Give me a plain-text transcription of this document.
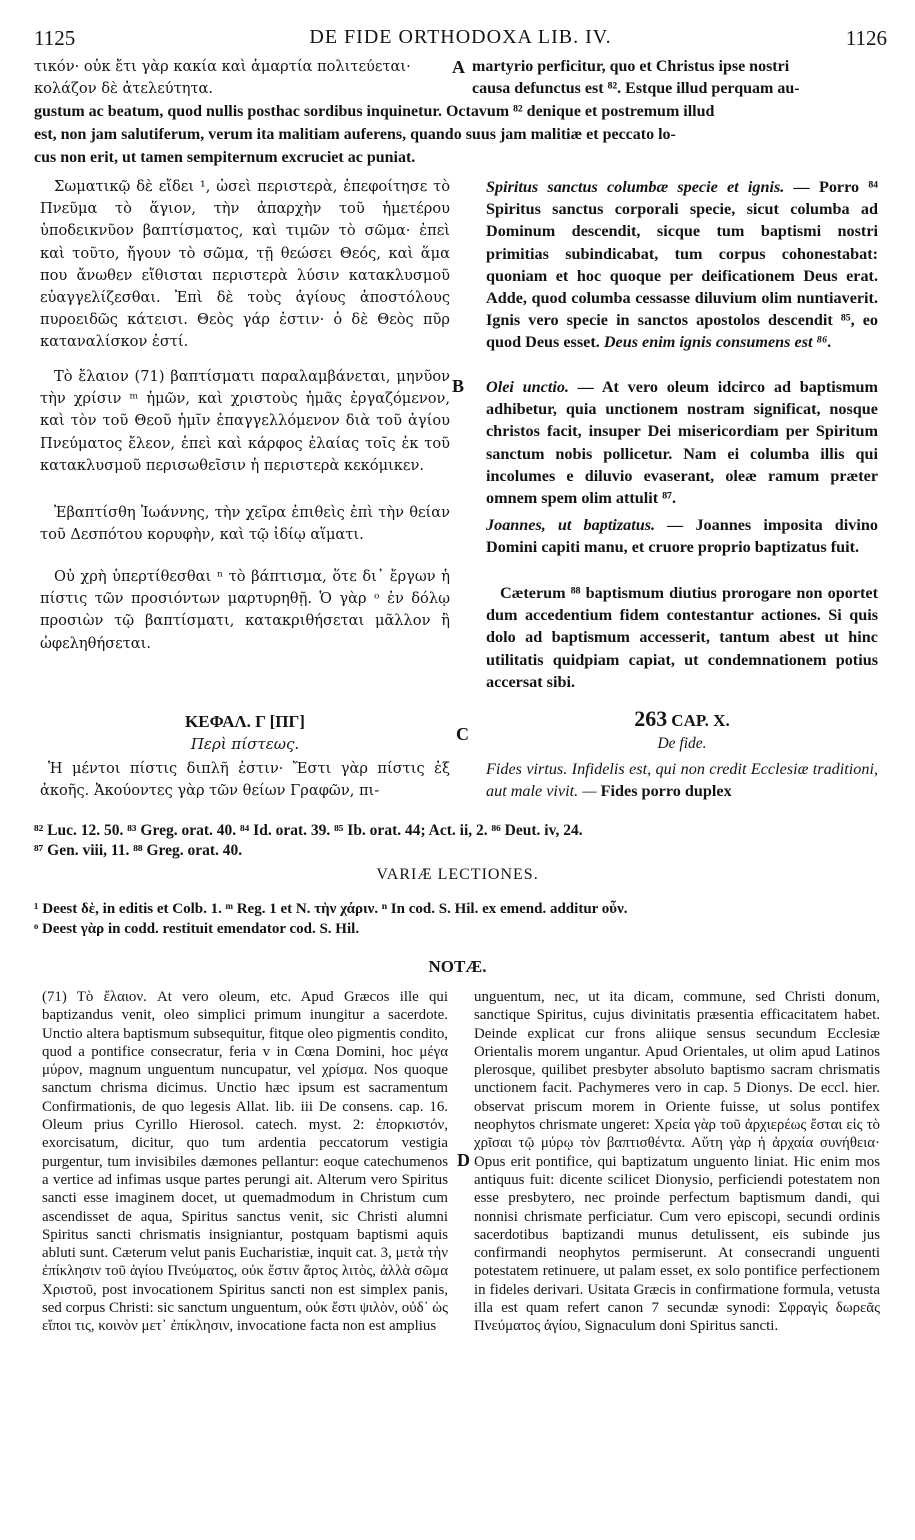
1125	DE FIDE ORTHODOXA LIB. IV.	1126
τικόν· οὐκ ἔτι γὰρ κακία καὶ ἁμαρτία πολιτεύεται· A martyrio perficitur, quo et Christus ipse nostri
κολάζον δὲ ἀτελεύτητα.	causa defunctus est ⁸². Estque illud perquam au-
gustum ac beatum, quod nullis posthac sordibus inquinetur. Octavum ⁸² denique et postremum illud
est, non jam salutiferum, verum ita malitiam auferens, quando suus jam malitiæ et peccato lo-
cus non erit, ut tamen sempiternum excruciet ac puniat.

Σωματικῷ δὲ εἴδει ¹, ὡσεὶ περιστερὰ, ἐπεφοίτησε τὸ Πνεῦμα τὸ ἅγιον, τὴν ἀπαρχὴν τοῦ ἡμετέρου ὑποδεικνῦον βαπτίσματος, καὶ τιμῶν τὸ σῶμα· ἐπεὶ καὶ τοῦτο, ἤγουν τὸ σῶμα, τῇ θεώσει Θεός, καὶ ἅμα που ἄνωθεν εἴθισται περιστερὰ λύσιν κατακλυσμοῦ εὐαγγελίζεσθαι. Ἐπὶ δὲ τοὺς ἁγίους ἀποστόλους πυροειδῶς κάτεισι. Θεὸς γάρ ἐστιν· ὁ δὲ Θεὸς πῦρ καταναλίσκον ἐστί.

Τὸ ἔλαιον (71) βαπτίσματι παραλαμβάνεται, μηνῦον τὴν χρίσιν ᵐ ἡμῶν, καὶ χριστοὺς ἡμᾶς ἐργαζόμενον, καὶ τὸν τοῦ Θεοῦ ἡμῖν ἐπαγγελλόμενον διὰ τοῦ ἁγίου Πνεύματος ἔλεον, ἐπεὶ καὶ κάρφος ἐλαίας τοῖς ἐκ τοῦ κατακλυσμοῦ περισωθεῖσιν ἡ περιστερὰ κεκόμικεν.

Ἐβαπτίσθη Ἰωάννης, τὴν χεῖρα ἐπιθεὶς ἐπὶ τὴν θείαν τοῦ Δεσπότου κορυφὴν, καὶ τῷ ἰδίῳ αἵματι.

Οὐ χρὴ ὑπερτίθεσθαι ⁿ τὸ βάπτισμα, ὅτε δι᾽ ἔργων ἡ πίστις τῶν προσιόντων μαρτυρηθῇ. Ὁ γὰρ ᵒ ἐν δόλῳ προσιὼν τῷ βαπτίσματι, κατακριθήσεται μᾶλλον ἢ ὠφεληθήσεται.

B
ΚΕΦΑΛ. Γ [ΠΓ]
Περὶ πίστεως.	C

Ἡ μέντοι πίστις διπλῆ ἐστιν· Ἔστι γὰρ πίστις ἐξ ἀκοῆς. Ἀκούοντες γὰρ τῶν θείων Γραφῶν, πι-

Spiritus sanctus columbæ specie et ignis. — Porro ⁸⁴ Spiritus sanctus corporali specie, sicut columba ad Dominum descendit, sicque tum baptismi nostri primitias subindicabat, tum corpus cohonestabat: quoniam et hoc quoque per deificationem Deus erat. Adde, quod columba cessasse diluvium olim nuntiaverit. Ignis vero specie in sanctos apostolos descendit ⁸⁵, eo quod Deus esset. Deus enim ignis consumens est ⁸⁶.

Olei unctio. — At vero oleum idcirco ad baptismum adhibetur, quia unctionem nostram significat, nosque christos facit, insuper Dei misericordiam per Spiritum sanctum nobis pollicetur. Nam ei columba illis qui incolumes e diluvio evaserant, oleæ ramum præter omnem spem olim attulit ⁸⁷.

Joannes, ut baptizatus. — Joannes imposita divino Domini capiti manu, et cruore proprio baptizatus fuit.

Cæterum ⁸⁸ baptismum diutius prorogare non oportet dum accedentium fidem contestantur actiones. Si quis dolo ad baptismum accesserit, tantum abest ut hinc utilitatis quidpiam capiat, ut condemnationem potius accersat sibi.

263 CAP. X.
De fide.

Fides virtus. Infidelis est, qui non credit Ecclesiæ traditioni, aut male vivit. — Fides porro duplex

⁸² Luc. 12. 50. ⁸³ Greg. orat. 40. ⁸⁴ Id. orat. 39. ⁸⁵ Ib. orat. 44; Act. ii, 2. ⁸⁶ Deut. iv, 24.
⁸⁷ Gen. viii, 11. ⁸⁸ Greg. orat. 40.
VARIÆ LECTIONES.
¹ Deest δὲ, in editis et Colb. 1. ᵐ Reg. 1 et N. τὴν χάριν. ⁿ In cod. S. Hil. ex emend. additur οὖν.
ᵒ Deest γὰρ in codd. restituit emendator cod. S. Hil.
NOTÆ.
(71) Τὸ ἔλαιον. At vero oleum, etc. Apud Græcos ille qui baptizandus venit, oleo simplici primum inungitur a sacerdote. Unctio altera baptismum subsequitur, fitque oleo pigmentis condito, quod a pontifice consecratur, feria v in Cœna Domini, hoc μέγα μύρον, magnum unguentum nuncupatur, vel χρίσμα. Nos quoque sanctum chrisma dicimus. Unctio hæc ipsum est sacramentum Confirmationis, de quo legesis Allat. lib. iii De consens. cap. 16. Oleum prius Cyrillo Hierosol. catech. myst. 2: ἐπορκιστόν, exorcisatum, dicitur, quo tum ardentia peccatorum vestigia purgentur, tum invisibiles dæmones pellantur: eoque catechumenos a vertice ad infimas usque partes perungi ait. Alterum vero Spiritus sancti esse imaginem docet, ut quemadmodum in Christum cum ascendisset de aqua, Spiritus sanctus venit, sic Christi alumni Spiritus sancti chrismatis insigniantur, postquam baptismi aquis abluti sunt. Cæterum velut panis Eucharistiæ, inquit cat. 3, μετὰ τὴν ἐπίκλησιν τοῦ ἁγίου Πνεύματος, οὐκ ἔστιν ἄρτος λιτὸς, ἀλλὰ σῶμα Χριστοῦ, post invocationem Spiritus sancti non est simplex panis, sed corpus Christi: sic sanctum unguentum, οὐκ ἔστι ψιλὸν, οὐδ᾽ ὡς εἴποι τις, κοινὸν μετ᾽ ἐπίκλησιν, invocatione facta non est amplius
D
unguentum, nec, ut ita dicam, commune, sed Christi donum, sanctique Spiritus, cujus divinitatis præsentia efficacitatem habet. Deinde explicat cur frons aliique sensus secundum Ecclesiæ Orientalis morem ungantur. Apud Orientales, ut olim apud Latinos plerosque, quilibet presbyter absoluto baptismo sacram chrismatis unctionem facit. Pachymeres vero in cap. 5 Dionys. De eccl. hier. observat priscum morem in Oriente fuisse, ut solus pontifex neophytos chrismate ungeret: Χρεία γὰρ τοῦ ἀρχιερέως ἔσται εἰς τὸ χρῖσαι τῷ μύρῳ τὸν βαπτισθέντα. Αὕτη γὰρ ἡ ἀρχαία συνήθεια· Opus erit pontifice, qui baptizatum unguento liniat. Hic enim mos antiquus fuit: dicente scilicet Dionysio, perficiendi potestatem non esse presbytero, nec proinde perfectum baptismum dandi, qui nonnisi chrismate perficiatur. Cum vero episcopi, secundi ordinis sacerdotibus baptizandi munus detulissent, eis subinde jus confirmandi neophytos permiserunt. At consecrandi unguenti potestatem retinuere, ut palam esset, ex solo pontifice perfectionem in fideles derivari. Usitata Græcis in confirmatione formula, vetusta illa est quam refert canon 7 secundæ synodi: Σφραγὶς δωρεᾶς Πνεύματος ἁγίου, Signaculum doni Spiritus sancti.
